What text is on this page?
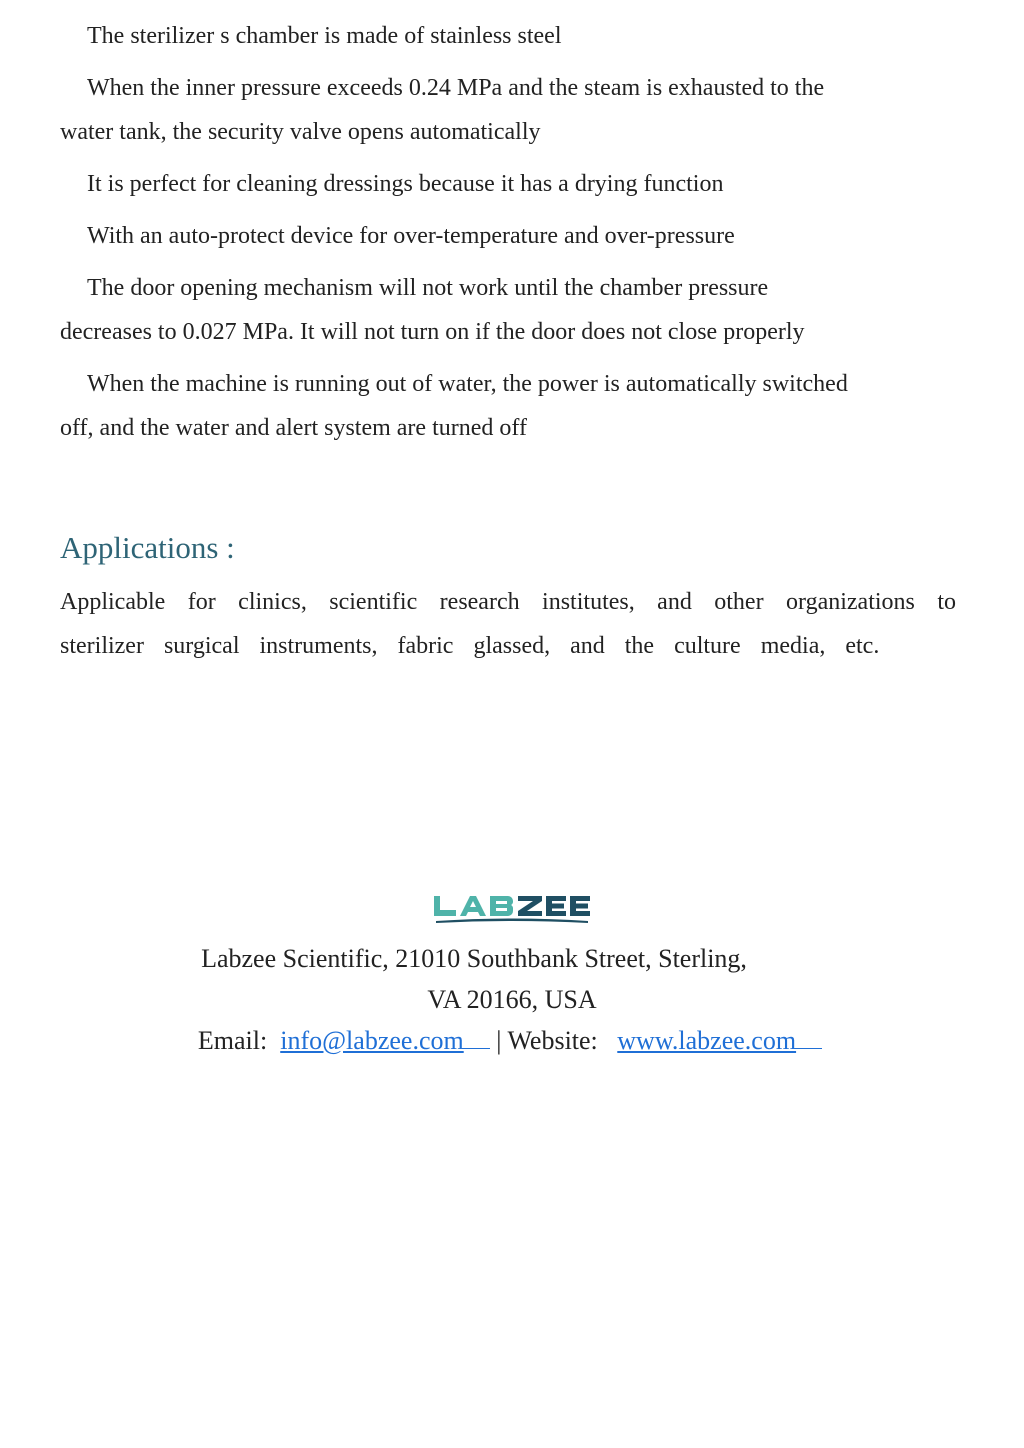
The sterilizer s chamber is made of stainless steel

When the inner pressure exceeds 0.24 MPa and the steam is exhausted to the water tank, the security valve opens automatically

It is perfect for cleaning dressings because it has a drying function

With an auto-protect device for over-temperature and over-pressure

The door opening mechanism will not work until the chamber pressure decreases to 0.027 MPa. It will not turn on if the door does not close properly

When the machine is running out of water, the power is automatically switched off, and the water and alert system are turned off

Applications :

Applicable for clinics, scientific research institutes, and other organizations to sterilizer surgical instruments, fabric glassed, and the culture media, etc.

Labzee Scientific, 21010 Southbank Street, Sterling,
VA 20166, USA
Email: info@labzee.com | Website: www.labzee.com
